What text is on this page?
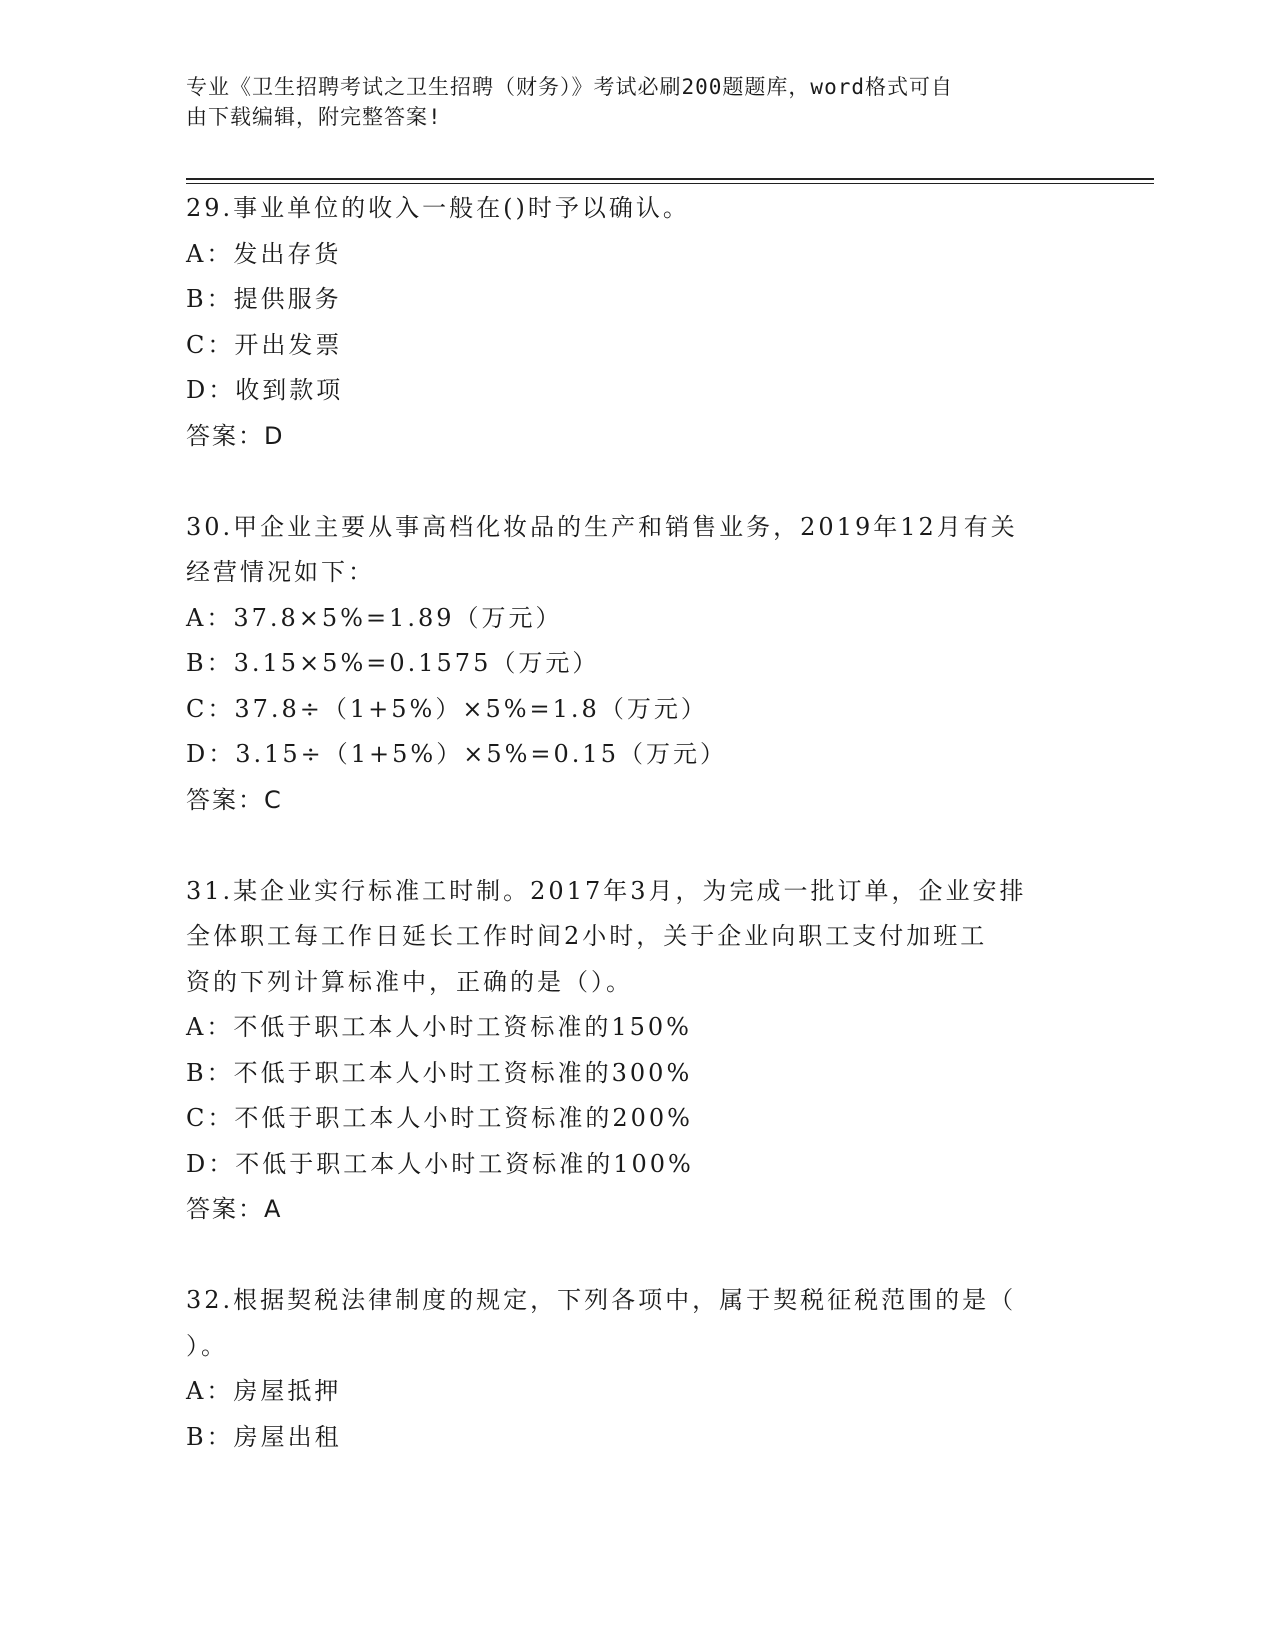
专业《卫生招聘考试之卫生招聘（财务）》考试必刷200题题库，word格式可自
由下载编辑，附完整答案!

29.事业单位的收入一般在()时予以确认。

A：发出存货

B：提供服务

C：开出发票

D：收到款项

答案：D

30.甲企业主要从事高档化妆品的生产和销售业务，2019年12月有关

经营情况如下：

A：37.8×5%=1.89（万元）

B：3.15×5%=0.1575（万元）

C：37.8÷（1+5%）×5%=1.8（万元）

D：3.15÷（1+5%）×5%=0.15（万元）

答案：C

31.某企业实行标准工时制。2017年3月，为完成一批订单，企业安排

全体职工每工作日延长工作时间2小时，关于企业向职工支付加班工

资的下列计算标准中，正确的是（）。

A：不低于职工本人小时工资标准的150%

B：不低于职工本人小时工资标准的300%

C：不低于职工本人小时工资标准的200%

D：不低于职工本人小时工资标准的100%

答案：A

32.根据契税法律制度的规定，下列各项中，属于契税征税范围的是（

）。

A：房屋抵押

B：房屋出租
